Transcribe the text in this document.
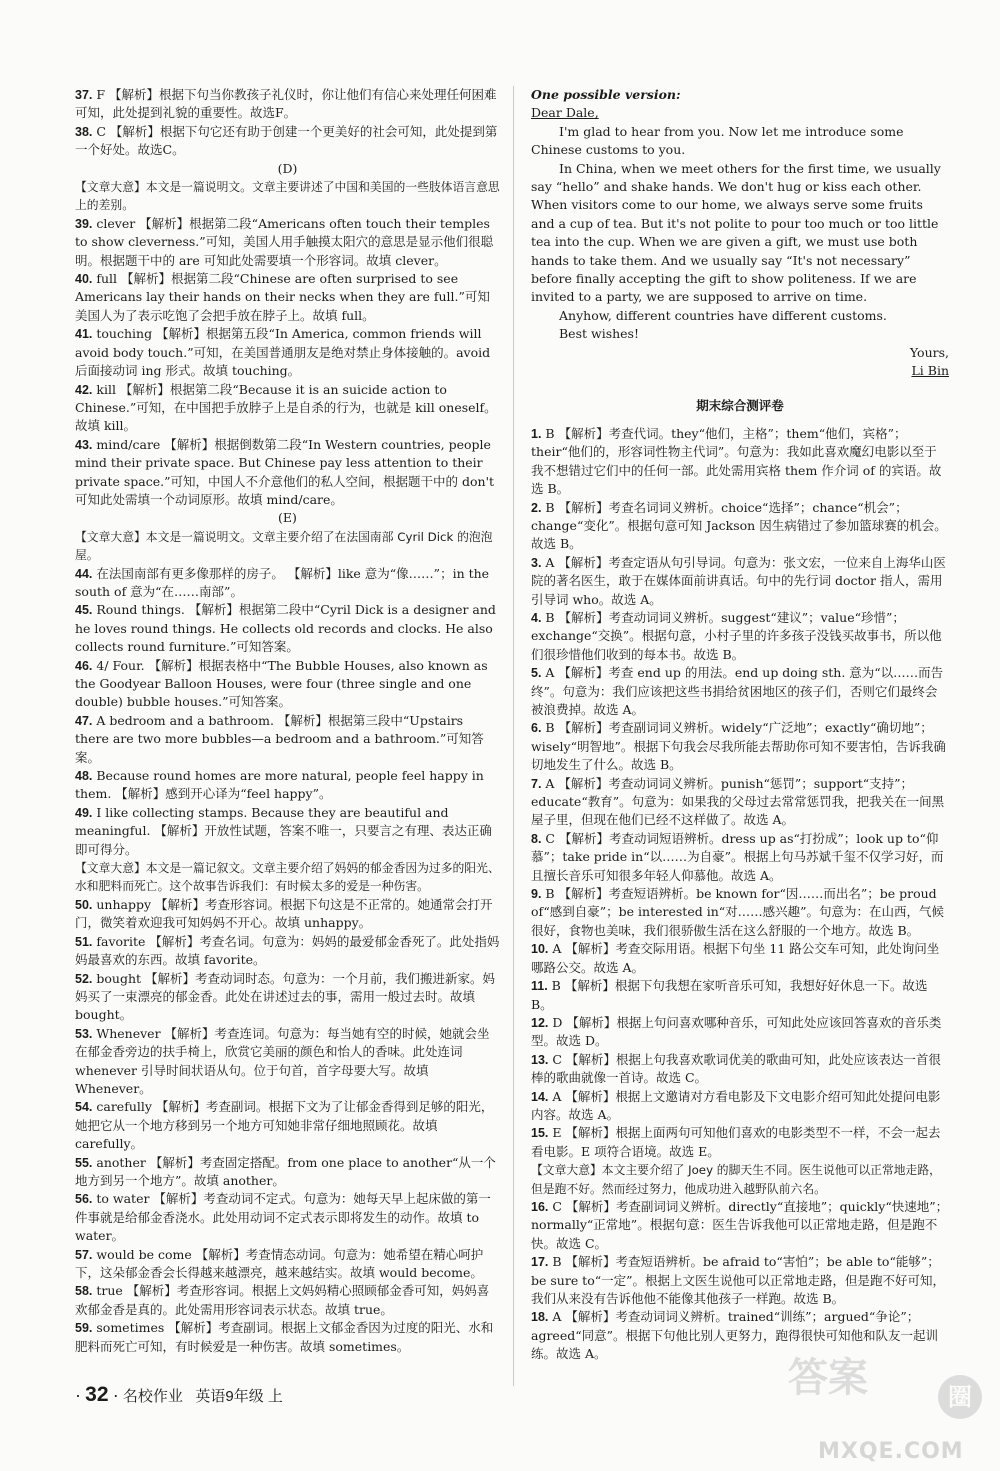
37. F 【解析】根据下句当你教孩子礼仪时，你让他们有信心来处理任何困难可知，此处提到礼貌的重要性。故选F。
38. C 【解析】根据下句它还有助于创建一个更美好的社会可知，此处提到第一个好处。故选C。
(D)
【文章大意】本文是一篇说明文。文章主要讲述了中国和美国的一些肢体语言意思上的差别。
39. clever 【解析】根据第二段“Americans often touch their temples to show cleverness.”可知，美国人用手触摸太阳穴的意思是显示他们很聪明。根据题干中的 are 可知此处需要填一个形容词。故填 clever。
40. full 【解析】根据第二段“Chinese are often surprised to see Americans lay their hands on their necks when they are full.”可知美国人为了表示吃饱了会把手放在脖子上。故填 full。
41. touching 【解析】根据第五段“In America, common friends will avoid body touch.”可知，在美国普通朋友是绝对禁止身体接触的。avoid 后面接动词 ing 形式。故填 touching。
42. kill 【解析】根据第二段“Because it is an suicide action to Chinese.”可知，在中国把手放脖子上是自杀的行为，也就是 kill oneself。故填 kill。
43. mind/care 【解析】根据倒数第二段“In Western countries, people mind their private space. But Chinese pay less attention to their private space.”可知，中国人不介意他们的私人空间，根据题干中的 don't 可知此处需填一个动词原形。故填 mind/care。
(E)
【文章大意】本文是一篇说明文。文章主要介绍了在法国南部 Cyril Dick 的泡泡屋。
44. 在法国南部有更多像那样的房子。 【解析】like 意为“像……”；in the south of 意为“在……南部”。
45. Round things. 【解析】根据第二段中“Cyril Dick is a designer and he loves round things. He collects old records and clocks. He also collects round furniture.”可知答案。
46. 4/ Four. 【解析】根据表格中“The Bubble Houses, also known as the Goodyear Balloon Houses, were four (three single and one double) bubble houses.”可知答案。
47. A bedroom and a bathroom. 【解析】根据第三段中“Upstairs there are two more bubbles—a bedroom and a bathroom.”可知答案。
48. Because round homes are more natural, people feel happy in them. 【解析】感到开心译为“feel happy”。
49. I like collecting stamps. Because they are beautiful and meaningful. 【解析】开放性试题，答案不唯一，只要言之有理、表达正确即可得分。
【文章大意】本文是一篇记叙文。文章主要介绍了妈妈的郁金香因为过多的阳光、水和肥料而死亡。这个故事告诉我们：有时候太多的爱是一种伤害。
50. unhappy 【解析】考查形容词。根据下句这是不正常的。她通常会打开门，微笑着欢迎我可知妈妈不开心。故填 unhappy。
51. favorite 【解析】考查名词。句意为：妈妈的最爱郁金香死了。此处指妈妈最喜欢的东西。故填 favorite。
52. bought 【解析】考查动词时态。句意为：一个月前，我们搬进新家。妈妈买了一束漂亮的郁金香。此处在讲述过去的事，需用一般过去时。故填 bought。
53. Whenever 【解析】考查连词。句意为：每当她有空的时候，她就会坐在郁金香旁边的扶手椅上，欣赏它美丽的颜色和怡人的香味。此处连词 whenever 引导时间状语从句。位于句首，首字母要大写。故填 Whenever。
54. carefully 【解析】考查副词。根据下文为了让郁金香得到足够的阳光，她把它从一个地方移到另一个地方可知她非常仔细地照顾花。故填 carefully。
55. another 【解析】考查固定搭配。from one place to another“从一个地方到另一个地方”。故填 another。
56. to water 【解析】考查动词不定式。句意为：她每天早上起床做的第一件事就是给郁金香浇水。此处用动词不定式表示即将发生的动作。故填 to water。
57. would be come 【解析】考查情态动词。句意为：她希望在精心呵护下，这朵郁金香会长得越来越漂亮，越来越结实。故填 would become。
58. true 【解析】考查形容词。根据上文妈妈精心照顾郁金香可知，妈妈喜欢郁金香是真的。此处需用形容词表示状态。故填 true。
59. sometimes 【解析】考查副词。根据上文郁金香因为过度的阳光、水和肥料而死亡可知，有时候爱是一种伤害。故填 sometimes。

One possible version:

Dear Dale,

I'm glad to hear from you. Now let me introduce some Chinese customs to you.

In China, when we meet others for the first time, we usually say “hello” and shake hands. We don't hug or kiss each other. When visitors come to our home, we always serve some fruits and a cup of tea. But it's not polite to pour too much or too little tea into the cup. When we are given a gift, we must use both hands to take them. And we usually say “It's not necessary” before finally accepting the gift to show politeness. If we are invited to a party, we are supposed to arrive on time.

Anyhow, different countries have different customs.

Best wishes!

Yours,

Li Bin

期末综合测评卷
1. B 【解析】考查代词。they“他们，主格”；them“他们，宾格”；their“他们的，形容词性物主代词”。句意为：我如此喜欢魔幻电影以至于我不想错过它们中的任何一部。此处需用宾格 them 作介词 of 的宾语。故选 B。
2. B 【解析】考查名词词义辨析。choice“选择”；chance“机会”；change“变化”。根据句意可知 Jackson 因生病错过了参加篮球赛的机会。故选 B。
3. A 【解析】考查定语从句引导词。句意为：张文宏，一位来自上海华山医院的著名医生，敢于在媒体面前讲真话。句中的先行词 doctor 指人，需用引导词 who。故选 A。
4. B 【解析】考查动词词义辨析。suggest“建议”；value“珍惜”；exchange“交换”。根据句意，小村子里的许多孩子没钱买故事书，所以他们很珍惜他们收到的每本书。故选 B。
5. A 【解析】考查 end up 的用法。end up doing sth. 意为“以……而告终”。句意为：我们应该把这些书捐给贫困地区的孩子们，否则它们最终会被浪费掉。故选 A。
6. B 【解析】考查副词词义辨析。widely“广泛地”；exactly“确切地”；wisely“明智地”。根据下句我会尽我所能去帮助你可知不要害怕，告诉我确切地发生了什么。故选 B。
7. A 【解析】考查动词词义辨析。punish“惩罚”；support“支持”；educate“教育”。句意为：如果我的父母过去常常惩罚我，把我关在一间黑屋子里，但现在他们已经不这样做了。故选 A。
8. C 【解析】考查动词短语辨析。dress up as“打扮成”；look up to“仰慕”；take pride in“以……为自豪”。根据上句马苏斌千玺不仅学习好，而且擅长音乐可知很多年轻人仰慕他。故选 A。
9. B 【解析】考查短语辨析。be known for“因……而出名”；be proud of“感到自豪”；be interested in“对……感兴趣”。句意为：在山西，气候很好，食物也美味，我们很骄傲生活在这么舒服的一个地方。故选 B。
10. A 【解析】考查交际用语。根据下句坐 11 路公交车可知，此处询问坐哪路公交。故选 A。
11. B 【解析】根据下句我想在家听音乐可知，我想好好休息一下。故选 B。
12. D 【解析】根据上句问喜欢哪种音乐，可知此处应该回答喜欢的音乐类型。故选 D。
13. C 【解析】根据上句我喜欢歌词优美的歌曲可知，此处应该表达一首很棒的歌曲就像一首诗。故选 C。
14. A 【解析】根据上文邀请对方看电影及下文电影介绍可知此处提问电影内容。故选 A。
15. E 【解析】根据上面两句可知他们喜欢的电影类型不一样，不会一起去看电影。E 项符合语境。故选 E。
【文章大意】本文主要介绍了 Joey 的脚天生不同。医生说他可以正常地走路，但是跑不好。然而经过努力，他成功进入越野队前六名。
16. C 【解析】考查副词词义辨析。directly“直接地”；quickly“快速地”；normally“正常地”。根据句意：医生告诉我他可以正常地走路，但是跑不快。故选 C。
17. B 【解析】考查短语辨析。be afraid to“害怕”；be able to“能够”；be sure to“一定”。根据上文医生说他可以正常地走路，但是跑不好可知，我们从来没有告诉他他不能像其他孩子一样跑。故选 B。
18. A 【解析】考查动词词义辨析。trained“训练”；argued“争论”；agreed“同意”。根据下句他比别人更努力，跑得很快可知他和队友一起训练。故选 A。
· 32 · 名校作业 英语9年级 上	答案	圈
MXQE.COM
